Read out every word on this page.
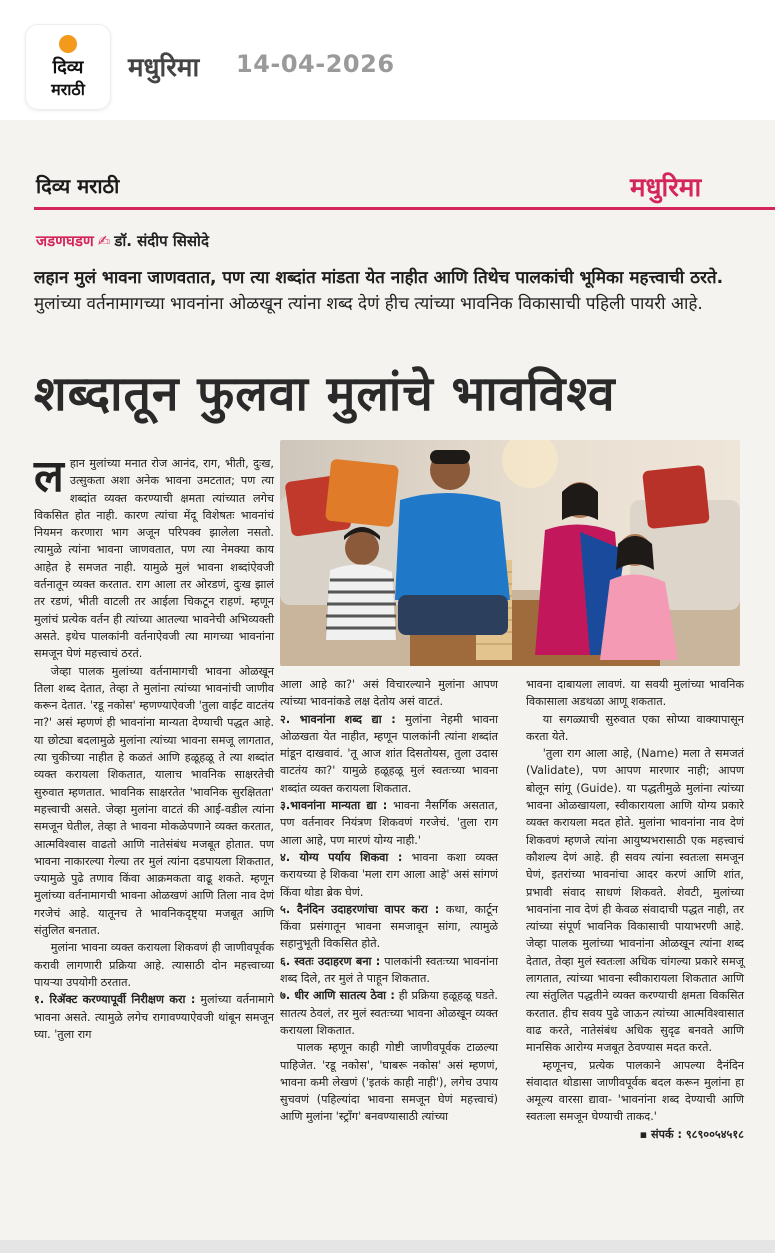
दिव्य
मराठी
मधुरिमा 14-04-2026
दिव्य मराठी	मधुरिमा
जडणघडण ✍ डॉ. संदीप सिसोदे
लहान मुलं भावना जाणवतात, पण त्या शब्दांत मांडता येत नाहीत आणि तिथेच पालकांची भूमिका महत्त्वाची ठरते. मुलांच्या वर्तनामागच्या भावनांना ओळखून त्यांना शब्द देणं हीच त्यांच्या भावनिक विकासाची पहिली पायरी आहे.
शब्दातून फुलवा मुलांचे भावविश्व

लहान मुलांच्या मनात रोज आनंद, राग, भीती, दुःख, उत्सुकता अशा अनेक भावना उमटतात; पण त्या शब्दांत व्यक्त करण्याची क्षमता त्यांच्यात लगेच विकसित होत नाही. कारण त्यांचा मेंदू विशेषतः भावनांचं नियमन करणारा भाग अजून परिपक्व झालेला नसतो. त्यामुळे त्यांना भावना जाणवतात, पण त्या नेमक्या काय आहेत हे समजत नाही. यामुळे मुलं भावना शब्दांऐवजी वर्तनातून व्यक्त करतात. राग आला तर ओरडणं, दुःख झालं तर रडणं, भीती वाटली तर आईला चिकटून राहणं. म्हणून मुलांचं प्रत्येक वर्तन ही त्यांच्या आतल्या भावनेची अभिव्यक्ती असते. इथेच पालकांनी वर्तनाऐवजी त्या मागच्या भावनांना समजून घेणं महत्त्वाचं ठरतं.

जेव्हा पालक मुलांच्या वर्तनामागची भावना ओळखून तिला शब्द देतात, तेव्हा ते मुलांना त्यांच्या भावनांची जाणीव करून देतात. 'रडू नकोस' म्हणण्याऐवजी 'तुला वाईट वाटतंय ना?' असं म्हणणं ही भावनांना मान्यता देण्याची पद्धत आहे. या छोट्या बदलामुळे मुलांना त्यांच्या भावना समजू लागतात, त्या चुकीच्या नाहीत हे कळतं आणि हळूहळू ते त्या शब्दांत व्यक्त करायला शिकतात, यालाच भावनिक साक्षरतेची सुरुवात म्हणतात. भावनिक साक्षरतेत 'भावनिक सुरक्षितता' महत्त्वाची असते. जेव्हा मुलांना वाटतं की आई-वडील त्यांना समजून घेतील, तेव्हा ते भावना मोकळेपणाने व्यक्त करतात, आत्मविश्वास वाढतो आणि नातेसंबंध मजबूत होतात. पण भावना नाकारल्या गेल्या तर मुलं त्यांना दडपायला शिकतात, ज्यामुळे पुढे तणाव किंवा आक्रमकता वाढू शकते. म्हणून मुलांच्या वर्तनामागची भावना ओळखणं आणि तिला नाव देणं गरजेचं आहे. यातूनच ते भावनिकदृष्ट्या मजबूत आणि संतुलित बनतात.

मुलांना भावना व्यक्त करायला शिकवणं ही जाणीवपूर्वक करावी लागणारी प्रक्रिया आहे. त्यासाठी दोन महत्त्वाच्या पायऱ्या उपयोगी ठरतात.

१. रिॲक्ट करण्यापूर्वी निरीक्षण करा : मुलांच्या वर्तनामागे भावना असते. त्यामुळे लगेच रागावण्याऐवजी थांबून समजून घ्या. 'तुला राग

आला आहे का?' असं विचारल्याने मुलांना आपण त्यांच्या भावनांकडे लक्ष देतोय असं वाटतं.

२. भावनांना शब्द द्या : मुलांना नेहमी भावना ओळखता येत नाहीत, म्हणून पालकांनी त्यांना शब्दांत मांडून दाखवावं. 'तू आज शांत दिसतोयस, तुला उदास वाटतंय का?' यामुळे हळूहळू मुलं स्वतःच्या भावना शब्दांत व्यक्त करायला शिकतात.

३.भावनांना मान्यता द्या : भावना नैसर्गिक असतात, पण वर्तनावर नियंत्रण शिकवणं गरजेचं. 'तुला राग आला आहे, पण मारणं योग्य नाही.'

४. योग्य पर्याय शिकवा : भावना कशा व्यक्त करायच्या हे शिकवा 'मला राग आला आहे' असं सांगणं किंवा थोडा ब्रेक घेणं.

५. दैनंदिन उदाहरणांचा वापर करा : कथा, कार्टून किंवा प्रसंगातून भावना समजावून सांगा, त्यामुळे सहानुभूती विकसित होते.

६. स्वतः उदाहरण बना : पालकांनी स्वतःच्या भावनांना शब्द दिले, तर मुलं ते पाहून शिकतात.

७. धीर आणि सातत्य ठेवा : ही प्रक्रिया हळूहळू घडते. सातत्य ठेवलं, तर मुलं स्वतःच्या भावना ओळखून व्यक्त करायला शिकतात.

पालक म्हणून काही गोष्टी जाणीवपूर्वक टाळल्या पाहिजेत. 'रडू नकोस', 'घाबरू नकोस' असं म्हणणं, भावना कमी लेखणं ('इतकं काही नाही'), लगेच उपाय सुचवणं (पहिल्यांदा भावना समजून घेणं महत्त्वाचं) आणि मुलांना 'स्ट्राँग' बनवण्यासाठी त्यांच्या

भावना दाबायला लावणं. या सवयी मुलांच्या भावनिक विकासाला अडथळा आणू शकतात.

या सगळ्याची सुरुवात एका सोप्या वाक्यापासून करता येते.

'तुला राग आला आहे, (Name) मला ते समजतं (Validate), पण आपण मारणार नाही; आपण बोलून सांगू (Guide). या पद्धतीमुळे मुलांना त्यांच्या भावना ओळखायला, स्वीकारायला आणि योग्य प्रकारे व्यक्त करायला मदत होते. मुलांना भावनांना नाव देणं शिकवणं म्हणजे त्यांना आयुष्यभरासाठी एक महत्त्वाचं कौशल्य देणं आहे. ही सवय त्यांना स्वतःला समजून घेणं, इतरांच्या भावनांचा आदर करणं आणि शांत, प्रभावी संवाद साधणं शिकवते. शेवटी, मुलांच्या भावनांना नाव देणं ही केवळ संवादाची पद्धत नाही, तर त्यांच्या संपूर्ण भावनिक विकासाची पायाभरणी आहे. जेव्हा पालक मुलांच्या भावनांना ओळखून त्यांना शब्द देतात, तेव्हा मुलं स्वतःला अधिक चांगल्या प्रकारे समजू लागतात, त्यांच्या भावना स्वीकारायला शिकतात आणि त्या संतुलित पद्धतीने व्यक्त करण्याची क्षमता विकसित करतात. हीच सवय पुढे जाऊन त्यांच्या आत्मविश्वासात वाढ करते, नातेसंबंध अधिक सुदृढ बनवते आणि मानसिक आरोग्य मजबूत ठेवण्यास मदत करते.

म्हणूनच, प्रत्येक पालकाने आपल्या दैनंदिन संवादात थोडासा जाणीवपूर्वक बदल करून मुलांना हा अमूल्य वारसा द्यावा- 'भावनांना शब्द देण्याची आणि स्वतःला समजून घेण्याची ताकद.'

▪ संपर्क : ९८९००५४५१८
